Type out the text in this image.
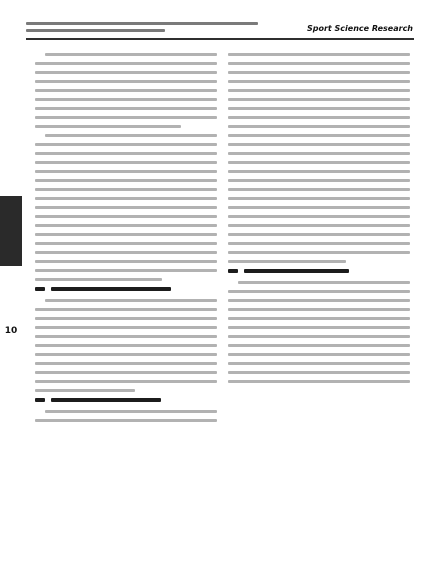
Sport Science Research
10
